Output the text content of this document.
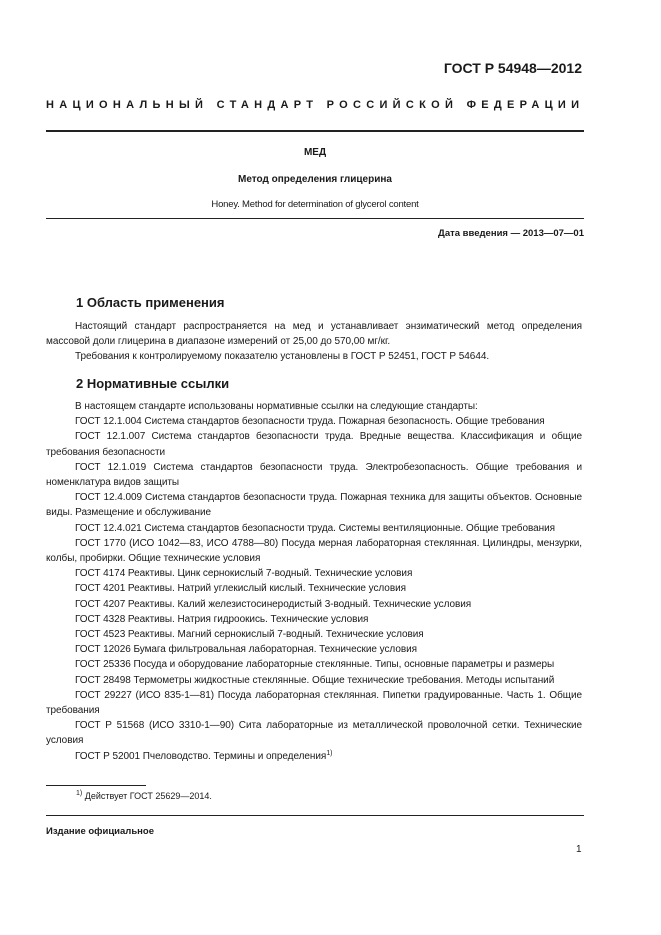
ГОСТ Р 54948—2012
НАЦИОНАЛЬНЫЙ СТАНДАРТ РОССИЙСКОЙ ФЕДЕРАЦИИ
МЕД
Метод определения глицерина
Honey. Method for determination of glycerol content
Дата введения — 2013—07—01
1 Область применения

Настоящий стандарт распространяется на мед и устанавливает энзиматический метод определения массовой доли глицерина в диапазоне измерений от 25,00 до 570,00 мг/кг.

Требования к контролируемому показателю установлены в ГОСТ Р 52451, ГОСТ Р 54644.

2 Нормативные ссылки

В настоящем стандарте использованы нормативные ссылки на следующие стандарты:

ГОСТ 12.1.004 Система стандартов безопасности труда. Пожарная безопасность. Общие требования

ГОСТ 12.1.007 Система стандартов безопасности труда. Вредные вещества. Классификация и общие требования безопасности

ГОСТ 12.1.019 Система стандартов безопасности труда. Электробезопасность. Общие требования и номенклатура видов защиты

ГОСТ 12.4.009 Система стандартов безопасности труда. Пожарная техника для защиты объектов. Основные виды. Размещение и обслуживание

ГОСТ 12.4.021 Система стандартов безопасности труда. Системы вентиляционные. Общие требования

ГОСТ 1770 (ИСО 1042—83, ИСО 4788—80) Посуда мерная лабораторная стеклянная. Цилиндры, мензурки, колбы, пробирки. Общие технические условия

ГОСТ 4174 Реактивы. Цинк сернокислый 7-водный. Технические условия

ГОСТ 4201 Реактивы. Натрий углекислый кислый. Технические условия

ГОСТ 4207 Реактивы. Калий железистосинеродистый 3-водный. Технические условия

ГОСТ 4328 Реактивы. Натрия гидроокись. Технические условия

ГОСТ 4523 Реактивы. Магний сернокислый 7-водный. Технические условия

ГОСТ 12026 Бумага фильтровальная лабораторная. Технические условия

ГОСТ 25336 Посуда и оборудование лабораторные стеклянные. Типы, основные параметры и размеры

ГОСТ 28498 Термометры жидкостные стеклянные. Общие технические требования. Методы испытаний

ГОСТ 29227 (ИСО 835-1—81) Посуда лабораторная стеклянная. Пипетки градуированные. Часть 1. Общие требования

ГОСТ Р 51568 (ИСО 3310-1—90) Сита лабораторные из металлической проволочной сетки. Технические условия

ГОСТ Р 52001 Пчеловодство. Термины и определения$^{1)}$

$^{1)}$ Действует ГОСТ 25629—2014.
Издание официальное
1
